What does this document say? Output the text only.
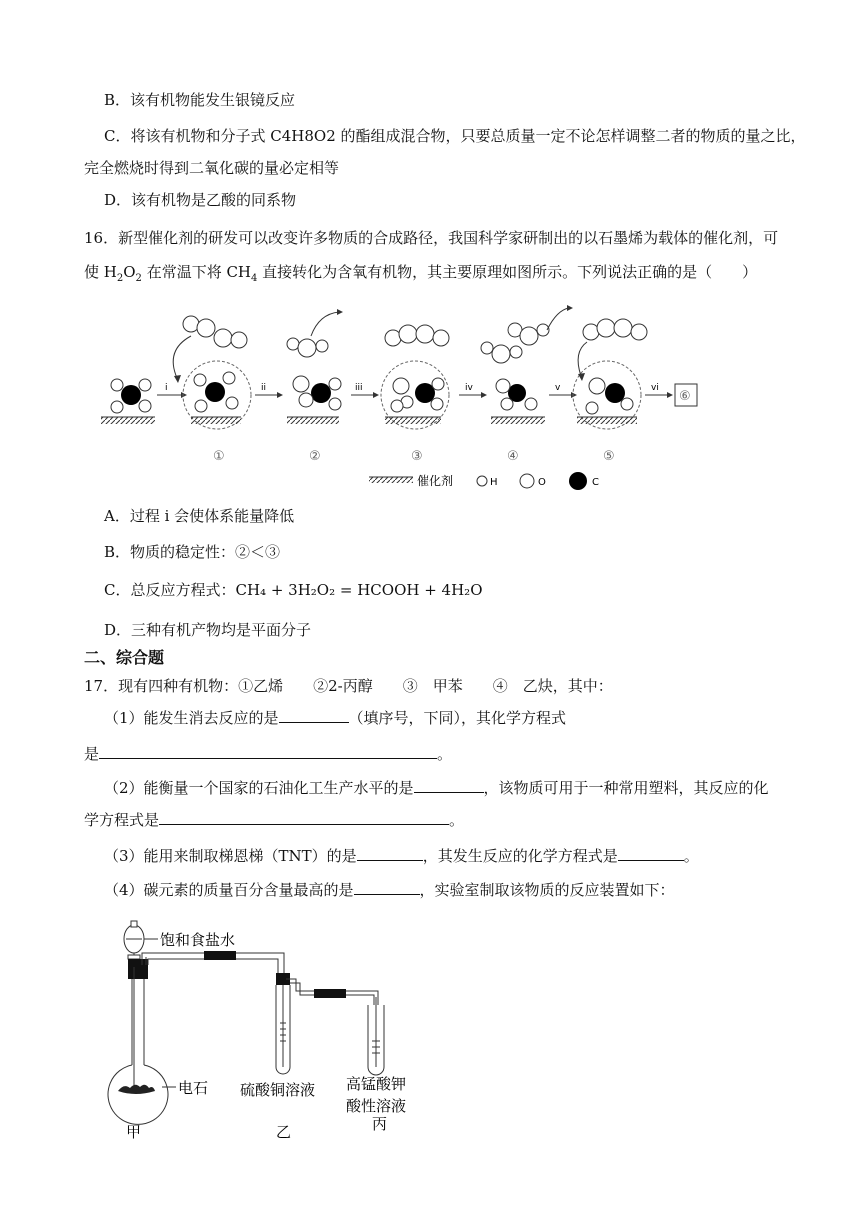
B．该有机物能发生银镜反应
C．将该有机物和分子式 C4H8O2 的酯组成混合物，只要总质量一定不论怎样调整二者的物质的量之比，
完全燃烧时得到二氧化碳的量必定相等
D．该有机物是乙酸的同系物
16．新型催化剂的研发可以改变许多物质的合成路径，我国科学家研制出的以石墨烯为载体的催化剂，可
使 $H_2O_2$ 在常温下将 $CH_4$ 直接转化为含氧有机物，其主要原理如图所示。下列说法正确的是（　　）
i
①
ii
②
iii
③
iv
④
v
⑤
vi
⑥
催化剂	H	O	C
A．过程 i 会使体系能量降低
B．物质的稳定性：②＜③
C．总反应方程式：CH₄ + 3H₂O₂ = HCOOH + 4H₂O
D．三种有机产物均是平面分子
二、综合题
17．现有四种有机物：①乙烯　　②2-丙醇　　③　甲苯　　④　乙炔，其中：
（1）能发生消去反应的是	（填序号，下同），其化学方程式
是	。
（2）能衡量一个国家的石油化工生产水平的是	，该物质可用于一种常用塑料，其反应的化
学方程式是	。
（3）能用来制取梯恩梯（TNT）的是	，其发生反应的化学方程式是	。
（4）碳元素的质量百分含量最高的是	，实验室制取该物质的反应装置如下：
饱和食盐水
电石 硫酸铜溶液 高锰酸钾
酸性溶液
甲	乙	丙
